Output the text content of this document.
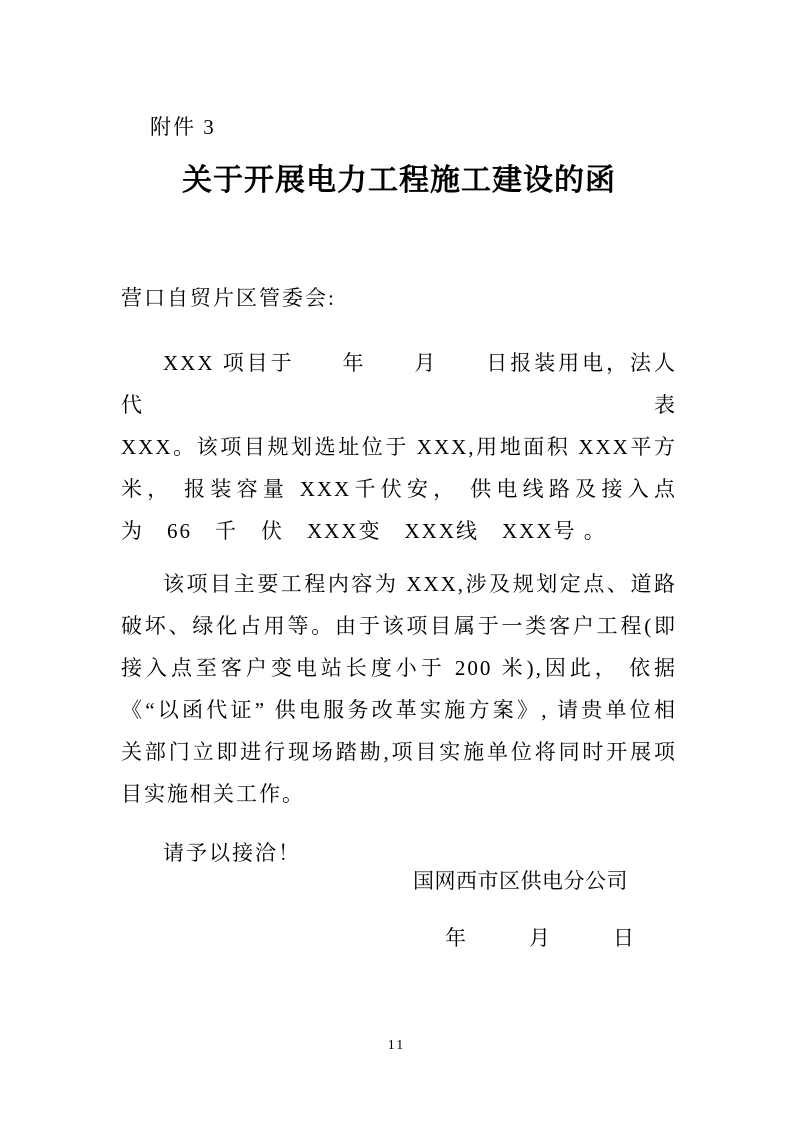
附件 3
关于开展电力工程施工建设的函
营口自贸片区管委会:
XXX 项目于　　年　　月　　日报装用电，法人代表
XXX。该项目规划选址位于 XXX,用地面积 XXX平方
米， 报装容量 XXX千伏安， 供电线路及接入点
为　66　千　伏　XXX变　XXX线　XXX号 。
该项目主要工程内容为 XXX,涉及规划定点、道路
破坏、绿化占用等。由于该项目属于一类客户工程(即
接入点至客户变电站长度小于 200 米),因此， 依据
《“以函代证” 供电服务改革实施方案》, 请贵单位相
关部门立即进行现场踏勘,项目实施单位将同时开展项
目实施相关工作。
请予以接洽！
国网西市区供电分公司
年　　　月　　　日
11
